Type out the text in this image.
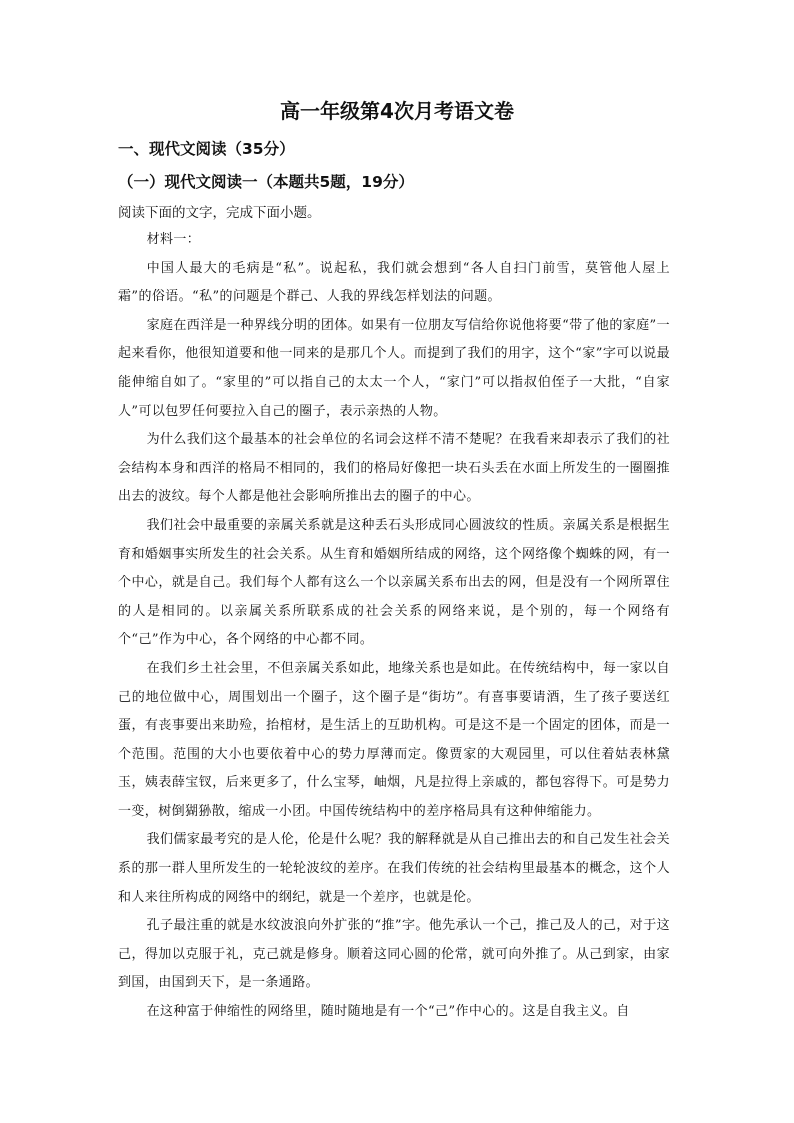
高一年级第4次月考语文卷
一、现代文阅读（35分）
（一）现代文阅读一（本题共5题，19分）
阅读下面的文字，完成下面小题。

材料一：

中国人最大的毛病是“私”。说起私，我们就会想到“各人自扫门前雪，莫管他人屋上霜”的俗语。“私”的问题是个群己、人我的界线怎样划法的问题。

家庭在西洋是一种界线分明的团体。如果有一位朋友写信给你说他将要“带了他的家庭”一起来看你，他很知道要和他一同来的是那几个人。而提到了我们的用字，这个“家”字可以说最能伸缩自如了。“家里的”可以指自己的太太一个人，“家门”可以指叔伯侄子一大批，“自家人”可以包罗任何要拉入自己的圈子，表示亲热的人物。

为什么我们这个最基本的社会单位的名词会这样不清不楚呢？在我看来却表示了我们的社会结构本身和西洋的格局不相同的，我们的格局好像把一块石头丢在水面上所发生的一圈圈推出去的波纹。每个人都是他社会影响所推出去的圈子的中心。

我们社会中最重要的亲属关系就是这种丢石头形成同心圆波纹的性质。亲属关系是根据生育和婚姻事实所发生的社会关系。从生育和婚姻所结成的网络，这个网络像个蜘蛛的网，有一个中心，就是自己。我们每个人都有这么一个以亲属关系布出去的网，但是没有一个网所罩住的人是相同的。以亲属关系所联系成的社会关系的网络来说，是个别的，每一个网络有个“己”作为中心，各个网络的中心都不同。

在我们乡土社会里，不但亲属关系如此，地缘关系也是如此。在传统结构中，每一家以自己的地位做中心，周围划出一个圈子，这个圈子是“街坊”。有喜事要请酒，生了孩子要送红蛋，有丧事要出来助殓，抬棺材，是生活上的互助机构。可是这不是一个固定的团体，而是一个范围。范围的大小也要依着中心的势力厚薄而定。像贾家的大观园里，可以住着姑表林黛玉，姨表薛宝钗，后来更多了，什么宝琴，岫烟，凡是拉得上亲戚的，都包容得下。可是势力一变，树倒猢狲散，缩成一小团。中国传统结构中的差序格局具有这种伸缩能力。

我们儒家最考究的是人伦，伦是什么呢？我的解释就是从自己推出去的和自己发生社会关系的那一群人里所发生的一轮轮波纹的差序。在我们传统的社会结构里最基本的概念，这个人和人来往所构成的网络中的纲纪，就是一个差序，也就是伦。

孔子最注重的就是水纹波浪向外扩张的“推”字。他先承认一个己，推己及人的己，对于这己，得加以克服于礼，克己就是修身。顺着这同心圆的伦常，就可向外推了。从己到家，由家到国，由国到天下，是一条通路。

在这种富于伸缩性的网络里，随时随地是有一个“己”作中心的。这是自我主义。自
